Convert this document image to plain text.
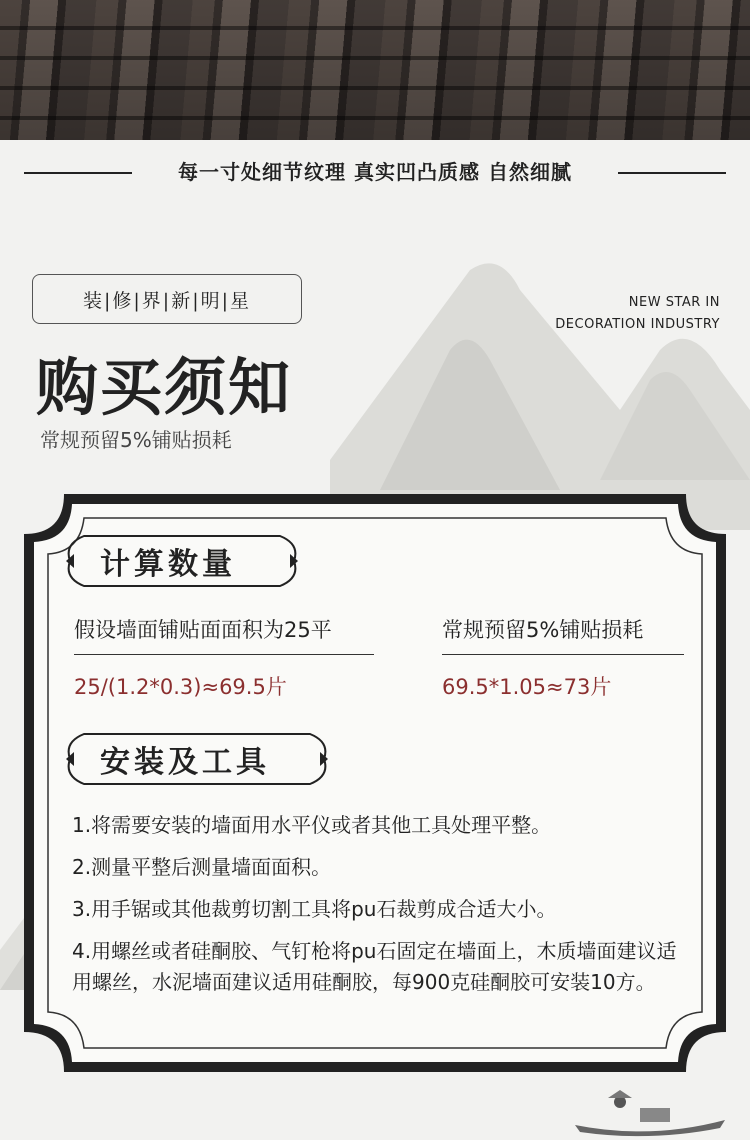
每一寸处细节纹理 真实凹凸质感 自然细腻
装|修|界|新|明|星	NEW STAR IN
DECORATION INDUSTRY
购买须知
常规预留5%铺贴损耗
计算数量
假设墙面铺贴面面积为25平
25/(1.2*0.3)≈69.5片
常规预留5%铺贴损耗
69.5*1.05≈73片
安装及工具
1.将需要安装的墙面用水平仪或者其他工具处理平整。
2.测量平整后测量墙面面积。
3.用手锯或其他裁剪切割工具将pu石裁剪成合适大小。
4.用螺丝或者硅酮胶、气钉枪将pu石固定在墙面上，木质墙面建议适用螺丝，水泥墙面建议适用硅酮胶，每900克硅酮胶可安装10方。
